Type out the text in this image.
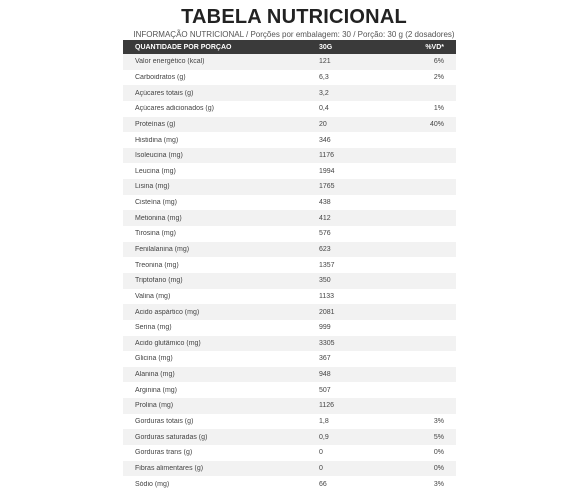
TABELA NUTRICIONAL
INFORMAÇÃO NUTRICIONAL / Porções por embalagem: 30 / Porção: 30 g (2 dosadores)
QUANTIDADE POR PORÇÃO	30G	%VD*
Valor energético (kcal)	121	6%
Carboidratos (g)	6,3	2%
Açúcares totais (g)	3,2
Açúcares adicionados (g)	0,4	1%
Proteínas (g)	20	40%
Histidina (mg)	346
Isoleucina (mg)	1176
Leucina (mg)	1994
Lisina (mg)	1765
Cisteína (mg)	438
Metionina (mg)	412
Tirosina (mg)	576
Fenilalanina (mg)	623
Treonina (mg)	1357
Triptofano (mg)	350
Valina (mg)	1133
Ácido aspártico (mg)	2081
Serina (mg)	999
Ácido glutâmico (mg)	3305
Glicina (mg)	367
Alanina (mg)	948
Arginina (mg)	507
Prolina (mg)	1126
Gorduras totais (g)	1,8	3%
Gorduras saturadas (g)	0,9	5%
Gorduras trans (g)	0	0%
Fibras alimentares (g)	0	0%
Sódio (mg)	66	3%
